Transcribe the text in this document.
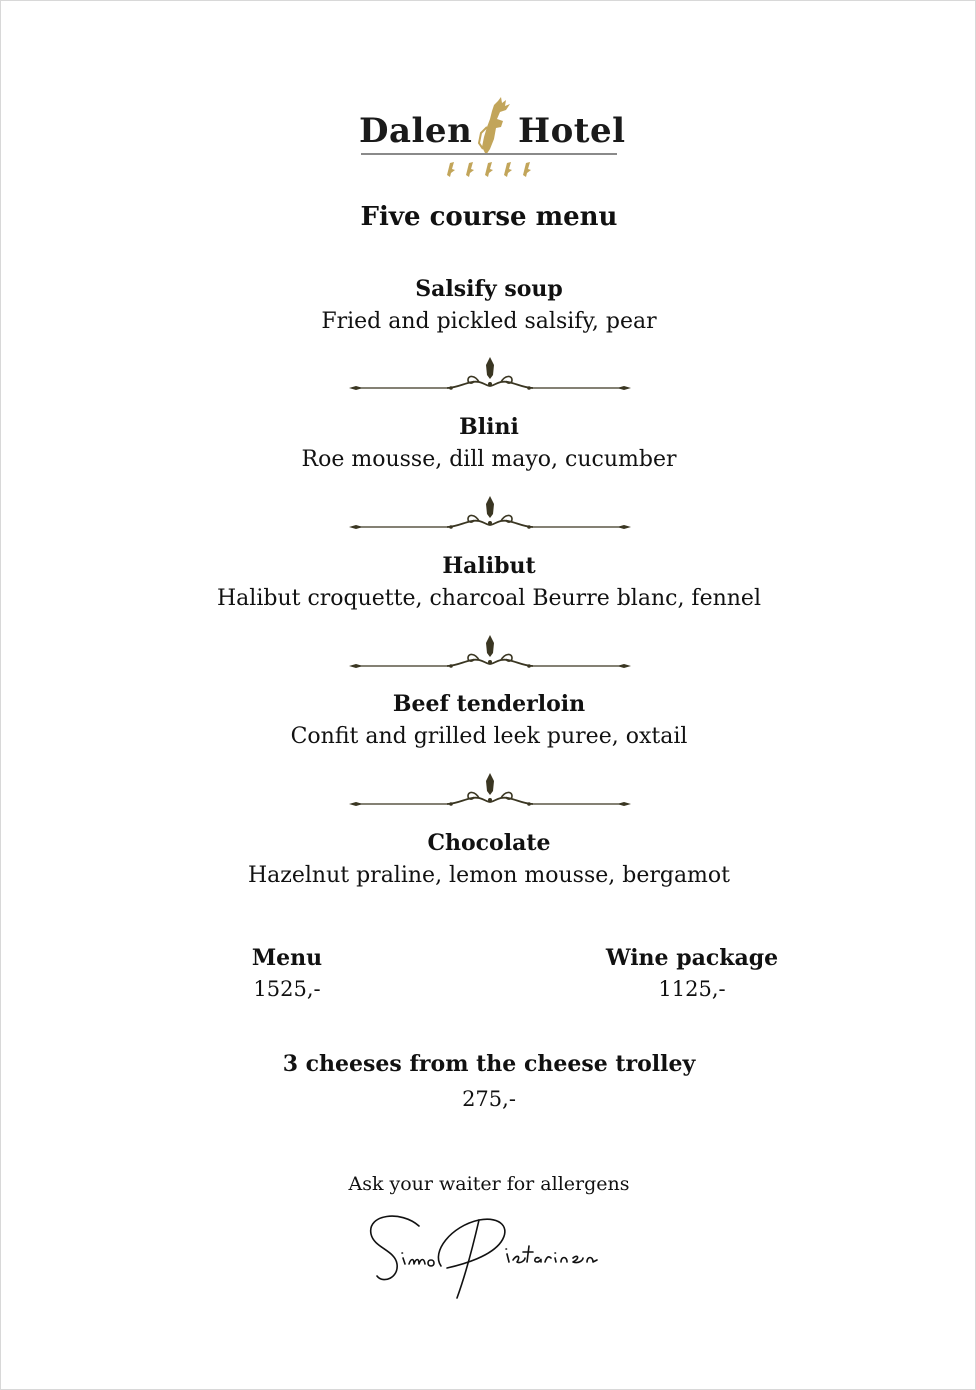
Dalen Hotel
Five course menu
Salsify soup
Fried and pickled salsify, pear
Blini
Roe mousse, dill mayo, cucumber
Halibut
Halibut croquette, charcoal Beurre blanc, fennel
Beef tenderloin
Confit and grilled leek puree, oxtail
Chocolate
Hazelnut praline, lemon mousse, bergamot
Menu
1525,-
Wine package
1125,-
3 cheeses from the cheese trolley
275,-
Ask your waiter for allergens
